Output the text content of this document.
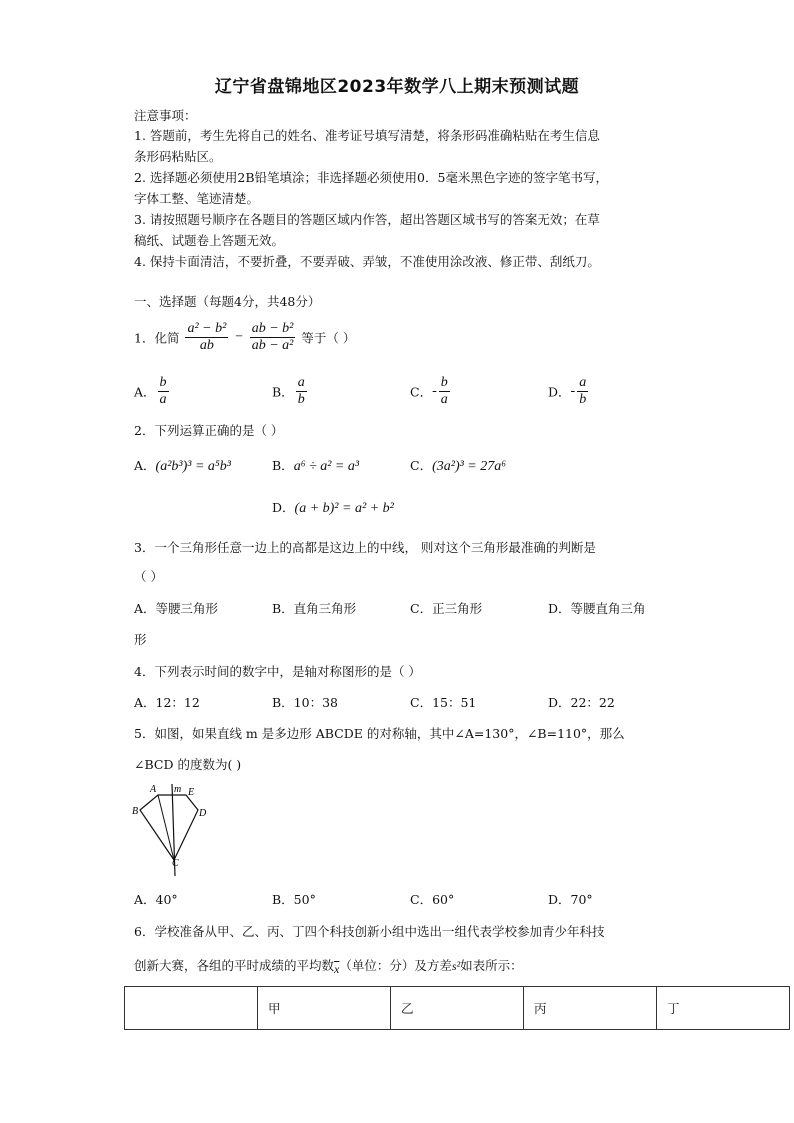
辽宁省盘锦地区2023年数学八上期末预测试题
注意事项：
1. 答题前，考生先将自己的姓名、准考证号填写清楚，将条形码准确粘贴在考生信息
条形码粘贴区。
2. 选择题必须使用2B铅笔填涂；非选择题必须使用0．5毫米黑色字迹的签字笔书写，
字体工整、笔迹清楚。
3. 请按照题号顺序在各题目的答题区域内作答，超出答题区域书写的答案无效；在草
稿纸、试题卷上答题无效。
4. 保持卡面清洁，不要折叠，不要弄破、弄皱，不准使用涂改液、修正带、刮纸刀。
一、选择题（每题4分，共48分）
1．化简 $\frac{\text{a² − b²}}{ab} - \frac{\text{ab − b²}}{\text{ab − a²}}$ 等于（ ）
A． $\frac{b}{a}$	B． $\frac{a}{b}$	C．- $\frac{b}{a}$	D．- $\frac{a}{b}$
2．下列运算正确的是（ ）
A．(a²b³)³ = a⁵b³	B．a⁶ ÷ a² = a³	C．(3a²)³ = 27a⁶
D．(a + b)² = a² + b²
3．一个三角形任意一边上的高都是这边上的中线， 则对这个三角形最准确的判断是
（ ）
A．等腰三角形	B．直角三角形	C．正三角形	D．等腰直角三角
形
4．下列表示时间的数字中，是轴对称图形的是（ ）
A．12：12	B．10：38	C．15：51	D．22：22
5．如图，如果直线 m 是多边形 ABCDE 的对称轴，其中∠A=130°，∠B=110°，那么
∠BCD 的度数为( )
A m E
B	D
C
A．40°	B．50°	C．60°	D．70°
6．学校准备从甲、乙、丙、丁四个科技创新小组中选出一组代表学校参加青少年科技
创新大赛，各组的平时成绩的平均数$\overline{x}$（单位：分）及方差s²如表所示：
	甲	乙	丙	丁
